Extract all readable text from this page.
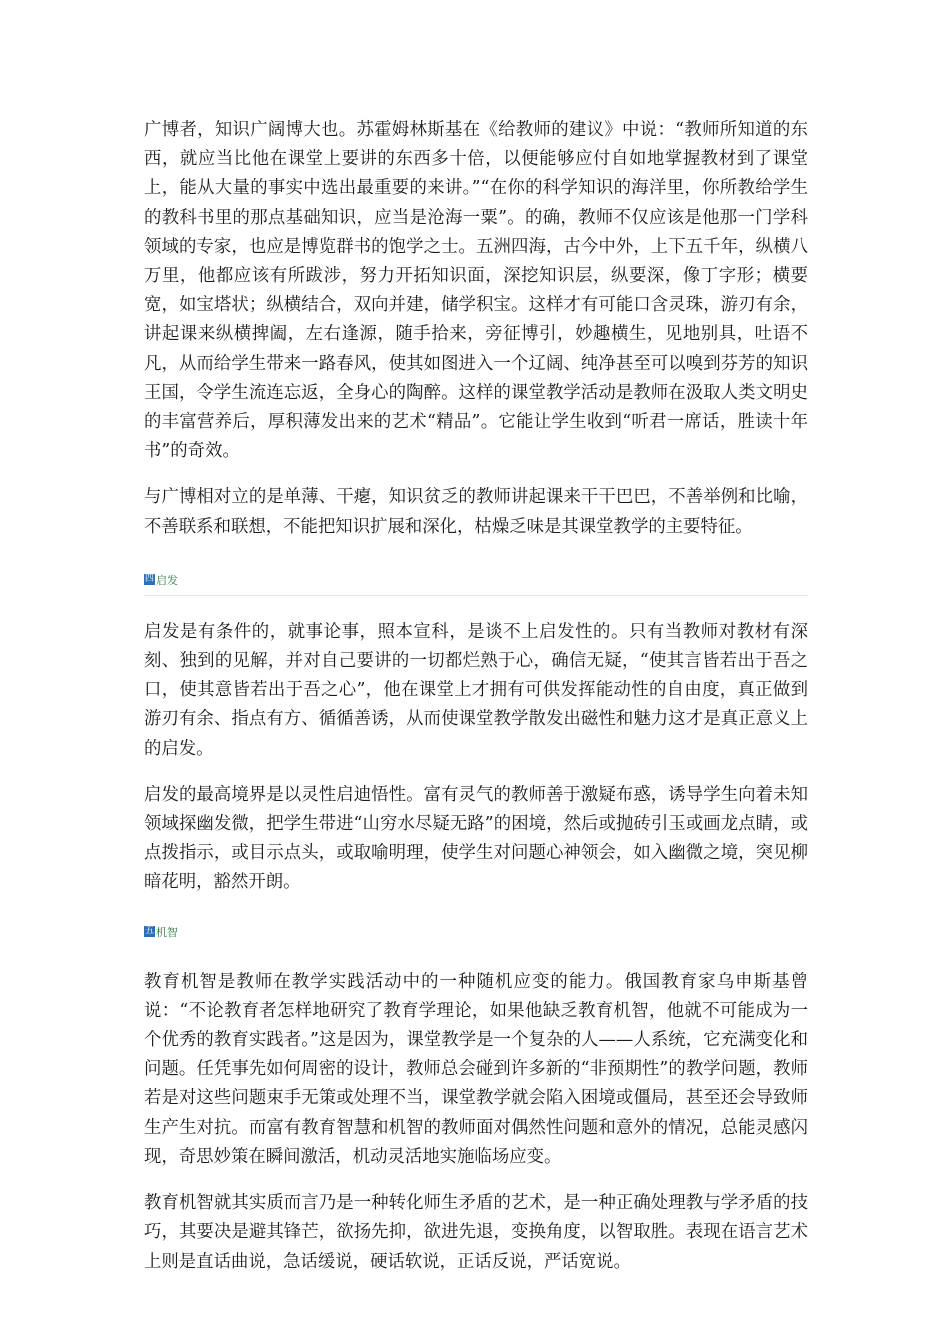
广博者，知识广阔博大也。苏霍姆林斯基在《给教师的建议》中说：“教师所知道的东西，就应当比他在课堂上要讲的东西多十倍，以便能够应付自如地掌握教材到了课堂上，能从大量的事实中选出最重要的来讲。”“在你的科学知识的海洋里，你所教给学生的教科书里的那点基础知识，应当是沧海一粟”。的确，教师不仅应该是他那一门学科领域的专家，也应是博览群书的饱学之士。五洲四海，古今中外，上下五千年，纵横八万里，他都应该有所跋涉，努力开拓知识面，深挖知识层，纵要深，像丁字形；横要宽，如宝塔状；纵横结合，双向并建，储学积宝。这样才有可能口含灵珠，游刃有余，讲起课来纵横捭阖，左右逢源，随手拾来，旁征博引，妙趣横生，见地别具，吐语不凡，从而给学生带来一路春风，使其如图进入一个辽阔、纯净甚至可以嗅到芬芳的知识王国，令学生流连忘返，全身心的陶醉。这样的课堂教学活动是教师在汲取人类文明史的丰富营养后，厚积薄发出来的艺术“精品”。它能让学生收到“听君一席话，胜读十年书”的奇效。

与广博相对立的是单薄、干瘪，知识贫乏的教师讲起课来干干巴巴，不善举例和比喻，不善联系和联想，不能把知识扩展和深化，枯燥乏味是其课堂教学的主要特征。

四 启发

启发是有条件的，就事论事，照本宣科，是谈不上启发性的。只有当教师对教材有深刻、独到的见解，并对自己要讲的一切都烂熟于心，确信无疑，“使其言皆若出于吾之口，使其意皆若出于吾之心”，他在课堂上才拥有可供发挥能动性的自由度，真正做到游刃有余、指点有方、循循善诱，从而使课堂教学散发出磁性和魅力这才是真正意义上的启发。

启发的最高境界是以灵性启迪悟性。富有灵气的教师善于激疑布惑，诱导学生向着未知领域探幽发微，把学生带进“山穷水尽疑无路”的困境，然后或抛砖引玉或画龙点睛，或点拨指示，或目示点头，或取喻明理，使学生对问题心神领会，如入幽微之境，突见柳暗花明，豁然开朗。

五 机智

教育机智是教师在教学实践活动中的一种随机应变的能力。俄国教育家乌申斯基曾说：“不论教育者怎样地研究了教育学理论，如果他缺乏教育机智，他就不可能成为一个优秀的教育实践者。”这是因为，课堂教学是一个复杂的人——人系统，它充满变化和问题。任凭事先如何周密的设计，教师总会碰到许多新的“非预期性”的教学问题，教师若是对这些问题束手无策或处理不当，课堂教学就会陷入困境或僵局，甚至还会导致师生产生对抗。而富有教育智慧和机智的教师面对偶然性问题和意外的情况，总能灵感闪现，奇思妙策在瞬间激活，机动灵活地实施临场应变。

教育机智就其实质而言乃是一种转化师生矛盾的艺术，是一种正确处理教与学矛盾的技巧，其要决是避其锋芒，欲扬先抑，欲进先退，变换角度，以智取胜。表现在语言艺术上则是直话曲说，急话缓说，硬话软说，正话反说，严话宽说。
